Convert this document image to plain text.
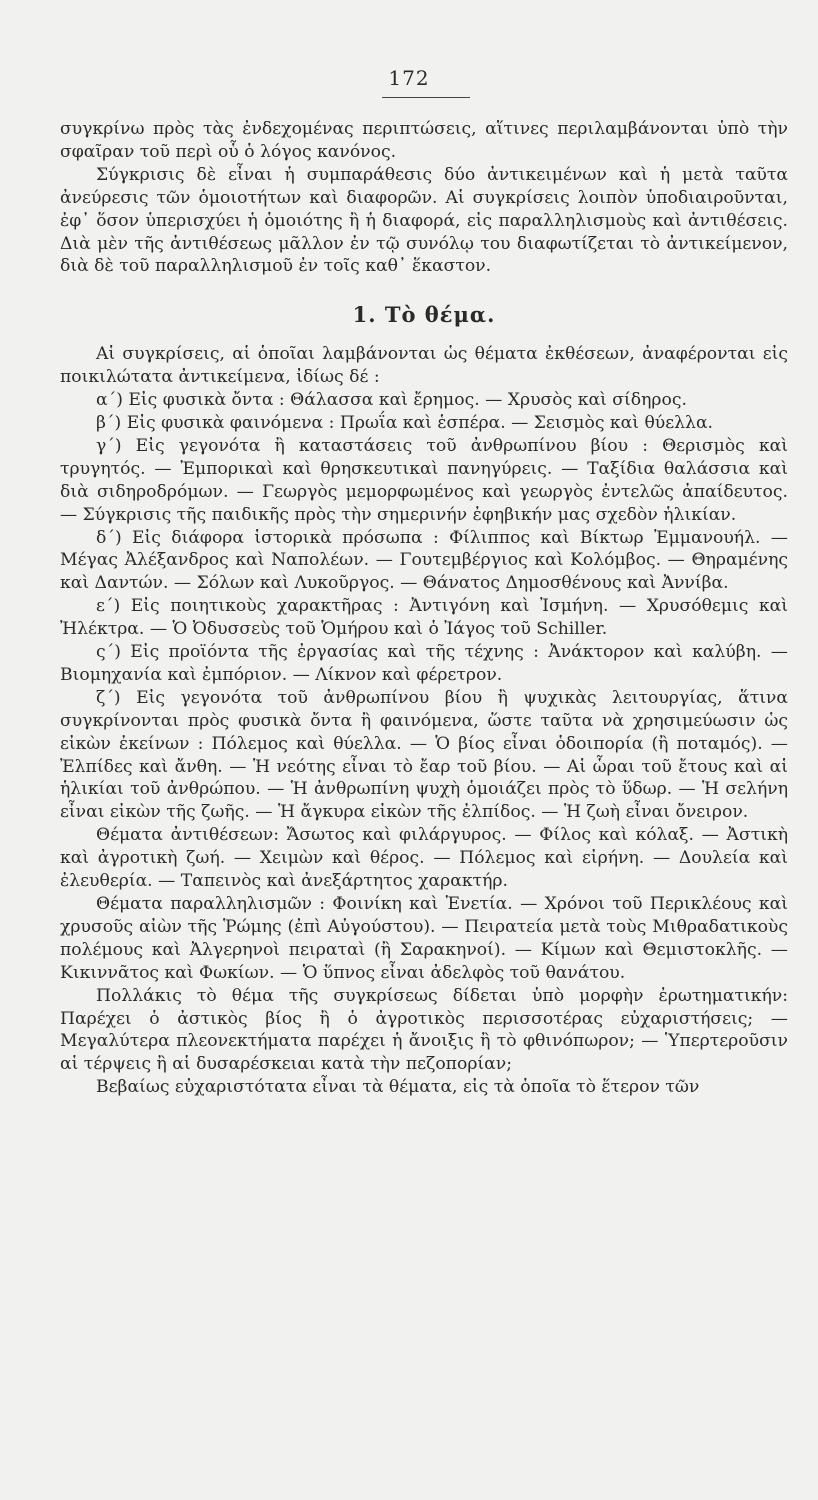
172

συγκρίνω πρὸς τὰς ἐνδεχομένας περιπτώσεις, αἵτινες περιλαμβάνονται ὑπὸ τὴν σφαῖραν τοῦ περὶ οὗ ὁ λόγος κανόνος.

Σύγκρισις δὲ εἶναι ἡ συμπαράθεσις δύο ἀντικειμένων καὶ ἡ μετὰ ταῦτα ἀνεύρεσις τῶν ὁμοιοτήτων καὶ διαφορῶν. Αἱ συγκρίσεις λοιπὸν ὑποδιαιροῦνται, ἐφ᾽ ὅσον ὑπερισχύει ἡ ὁμοιότης ἢ ἡ διαφορά, εἰς παραλληλισμοὺς καὶ ἀντιθέσεις. Διὰ μὲν τῆς ἀντιθέσεως μᾶλλον ἐν τῷ συνόλῳ του διαφωτίζεται τὸ ἀντικείμενον, διὰ δὲ τοῦ παραλληλισμοῦ ἐν τοῖς καθ᾽ ἕκαστον.

1. Τὸ θέμα.

Αἱ συγκρίσεις, αἱ ὁποῖαι λαμβάνονται ὡς θέματα ἐκθέσεων, ἀναφέρονται εἰς ποικιλώτατα ἀντικείμενα, ἰδίως δέ :

α΄) Εἰς φυσικὰ ὄντα : Θάλασσα καὶ ἔρημος. — Χρυσὸς καὶ σίδηρος.

β΄) Εἰς φυσικὰ φαινόμενα : Πρωΐα καὶ ἑσπέρα. — Σεισμὸς καὶ θύελλα.

γ΄) Εἰς γεγονότα ἢ καταστάσεις τοῦ ἀνθρωπίνου βίου : Θερισμὸς καὶ τρυγητός. — Ἐμπορικαὶ καὶ θρησκευτικαὶ πανηγύρεις. — Ταξίδια θαλάσσια καὶ διὰ σιδηροδρόμων. — Γεωργὸς μεμορφωμένος καὶ γεωργὸς ἐντελῶς ἀπαίδευτος. — Σύγκρισις τῆς παιδικῆς πρὸς τὴν σημερινήν ἐφηβικήν μας σχεδὸν ἡλικίαν.

δ΄) Εἰς διάφορα ἱστορικὰ πρόσωπα : Φίλιππος καὶ Βίκτωρ Ἐμμανουήλ. — Μέγας Ἀλέξανδρος καὶ Ναπολέων. — Γουτεμβέργιος καὶ Κολόμβος. — Θηραμένης καὶ Δαντών. — Σόλων καὶ Λυκοῦργος. — Θάνατος Δημοσθένους καὶ Ἀννίβα.

ε΄) Εἰς ποιητικοὺς χαρακτῆρας : Ἀντιγόνη καὶ Ἰσμήνη. — Χρυσόθεμις καὶ Ἠλέκτρα. — Ὁ Ὀδυσσεὺς τοῦ Ὁμήρου καὶ ὁ Ἰάγος τοῦ Schiller.

ς΄) Εἰς προϊόντα τῆς ἐργασίας καὶ τῆς τέχνης : Ἀνάκτορον καὶ καλύβη. — Βιομηχανία καὶ ἐμπόριον. — Λίκνον καὶ φέρετρον.

ζ΄) Εἰς γεγονότα τοῦ ἀνθρωπίνου βίου ἢ ψυχικὰς λειτουργίας, ἅτινα συγκρίνονται πρὸς φυσικὰ ὄντα ἢ φαινόμενα, ὥστε ταῦτα νὰ χρησιμεύωσιν ὡς εἰκὼν ἐκείνων : Πόλεμος καὶ θύελλα. — Ὁ βίος εἶναι ὁδοιπορία (ἢ ποταμός). — Ἐλπίδες καὶ ἄνθη. — Ἡ νεότης εἶναι τὸ ἔαρ τοῦ βίου. — Αἱ ὧραι τοῦ ἔτους καὶ αἱ ἡλικίαι τοῦ ἀνθρώπου. — Ἡ ἀνθρωπίνη ψυχὴ ὁμοιάζει πρὸς τὸ ὕδωρ. — Ἡ σελήνη εἶναι εἰκὼν τῆς ζωῆς. — Ἡ ἄγκυρα εἰκὼν τῆς ἐλπίδος. — Ἡ ζωὴ εἶναι ὄνειρον.

Θέματα ἀντιθέσεων: Ἄσωτος καὶ φιλάργυρος. — Φίλος καὶ κόλαξ. — Ἀστικὴ καὶ ἀγροτικὴ ζωή. — Χειμὼν καὶ θέρος. — Πόλεμος καὶ εἰρήνη. — Δουλεία καὶ ἐλευθερία. — Ταπεινὸς καὶ ἀνεξάρτητος χαρακτήρ.

Θέματα παραλληλισμῶν : Φοινίκη καὶ Ἑνετία. — Χρόνοι τοῦ Περικλέους καὶ χρυσοῦς αἰὼν τῆς Ῥώμης (ἐπὶ Αὐγούστου). — Πειρατεία μετὰ τοὺς Μιθραδατικοὺς πολέμους καὶ Ἀλγερηνοὶ πειραταὶ (ἢ Σαρακηνοί). — Κίμων καὶ Θεμιστοκλῆς. — Κικιννᾶτος καὶ Φωκίων. — Ὁ ὕπνος εἶναι ἀδελφὸς τοῦ θανάτου.

Πολλάκις τὸ θέμα τῆς συγκρίσεως δίδεται ὑπὸ μορφὴν ἐρωτηματικήν: Παρέχει ὁ ἀστικὸς βίος ἢ ὁ ἀγροτικὸς περισσοτέρας εὐχαριστήσεις; — Μεγαλύτερα πλεονεκτήματα παρέχει ἡ ἄνοιξις ἢ τὸ φθινόπωρον; — Ὑπερτεροῦσιν αἱ τέρψεις ἢ αἱ δυσαρέσκειαι κατὰ τὴν πεζοπορίαν;

Βεβαίως εὐχαριστότατα εἶναι τὰ θέματα, εἰς τὰ ὁποῖα τὸ ἕτερον τῶν
